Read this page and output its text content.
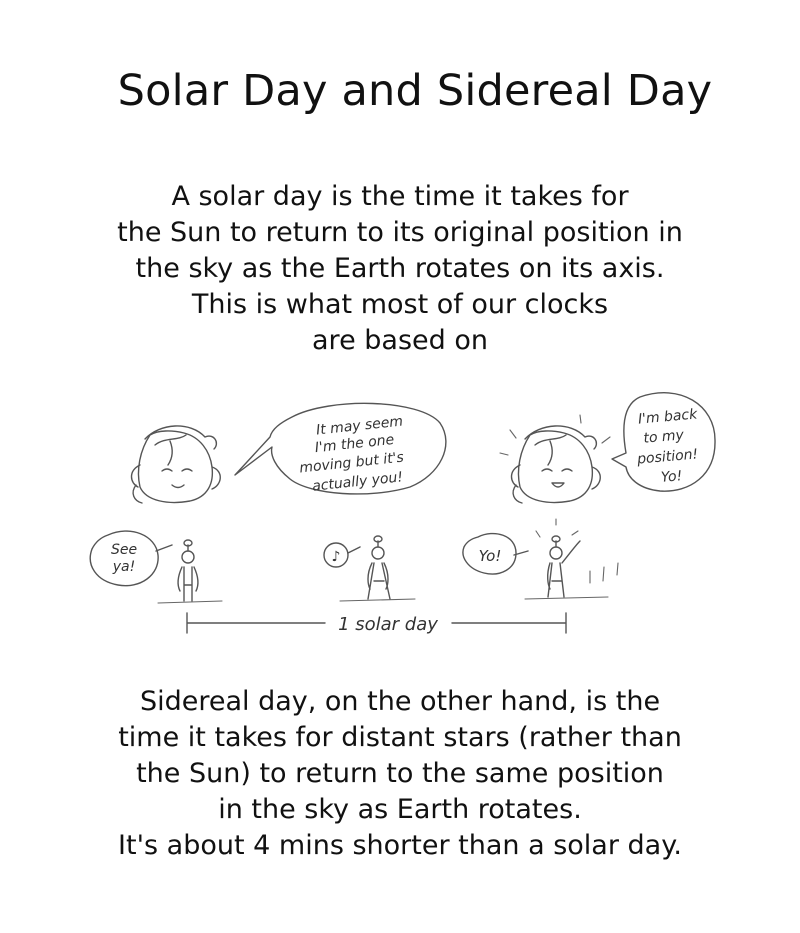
Solar Day and Sidereal Day

A solar day is the time it takes for
the Sun to return to its original position in
the sky as the Earth rotates on its axis.
This is what most of our clocks
are based on

It may seem
I'm the one
moving but it's
actually you!
I'm back
to my
position!
Yo!
See
ya!
♪	Yo!
1 solar day

Sidereal day, on the other hand, is the
time it takes for distant stars (rather than
the Sun) to return to the same position
in the sky as Earth rotates.
It's about 4 mins shorter than a solar day.
